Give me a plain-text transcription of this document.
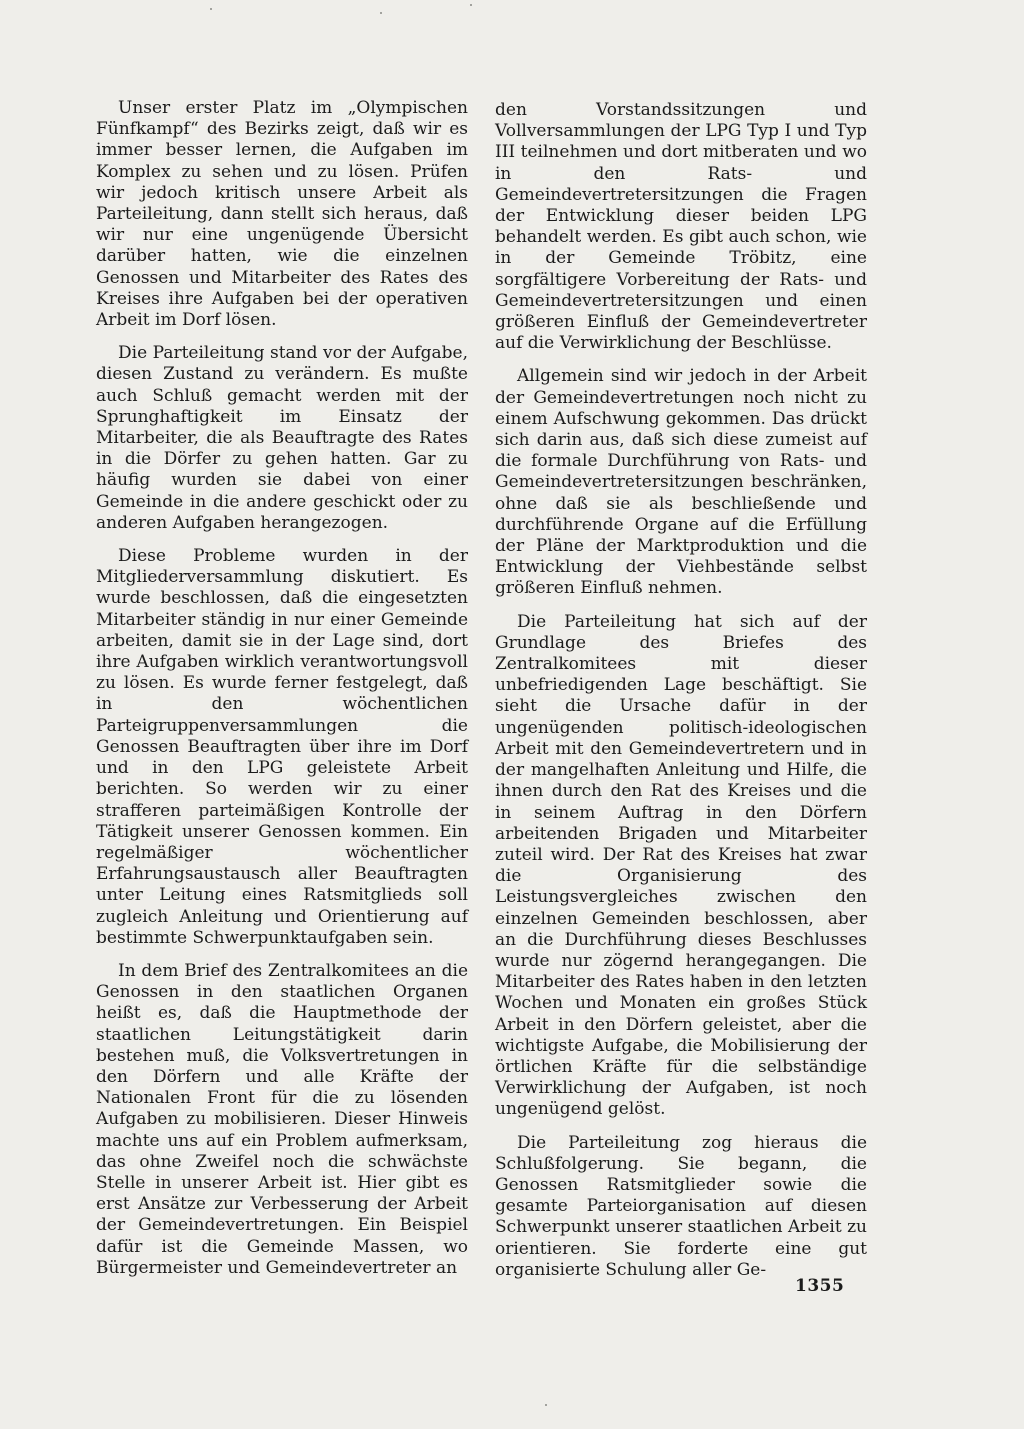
Unser erster Platz im „Olympischen Fünfkampf“ des Bezirks zeigt, daß wir es immer besser lernen, die Aufgaben im Komplex zu sehen und zu lösen. Prüfen wir jedoch kritisch unsere Arbeit als Parteileitung, dann stellt sich heraus, daß wir nur eine ungenügende Übersicht darüber hatten, wie die einzelnen Genossen und Mitarbeiter des Rates des Kreises ihre Aufgaben bei der operativen Arbeit im Dorf lösen.

Die Parteileitung stand vor der Aufgabe, diesen Zustand zu verändern. Es mußte auch Schluß gemacht werden mit der Sprunghaftigkeit im Einsatz der Mitarbeiter, die als Beauftragte des Rates in die Dörfer zu gehen hatten. Gar zu häufig wurden sie dabei von einer Gemeinde in die andere geschickt oder zu anderen Aufgaben herangezogen.

Diese Probleme wurden in der Mitgliederversammlung diskutiert. Es wurde beschlossen, daß die eingesetzten Mitarbeiter ständig in nur einer Gemeinde arbeiten, damit sie in der Lage sind, dort ihre Aufgaben wirklich verantwortungsvoll zu lösen. Es wurde ferner festgelegt, daß in den wöchentlichen Parteigruppenversammlungen die Genossen Beauftragten über ihre im Dorf und in den LPG geleistete Arbeit berichten. So werden wir zu einer strafferen parteimäßigen Kontrolle der Tätigkeit unserer Genossen kommen. Ein regelmäßiger wöchentlicher Erfahrungsaustausch aller Beauftragten unter Leitung eines Ratsmitglieds soll zugleich Anleitung und Orientierung auf bestimmte Schwerpunktaufgaben sein.

In dem Brief des Zentralkomitees an die Genossen in den staatlichen Organen heißt es, daß die Hauptmethode der staatlichen Leitungstätigkeit darin bestehen muß, die Volksvertretungen in den Dörfern und alle Kräfte der Nationalen Front für die zu lösenden Aufgaben zu mobilisieren. Dieser Hinweis machte uns auf ein Problem aufmerksam, das ohne Zweifel noch die schwächste Stelle in unserer Arbeit ist. Hier gibt es erst Ansätze zur Verbesserung der Arbeit der Gemeindevertretungen. Ein Beispiel dafür ist die Gemeinde Massen, wo Bürgermeister und Gemeindevertreter an

den Vorstandssitzungen und Vollversammlungen der LPG Typ I und Typ III teilnehmen und dort mitberaten und wo in den Rats- und Gemeindevertretersitzungen die Fragen der Entwicklung dieser beiden LPG behandelt werden. Es gibt auch schon, wie in der Gemeinde Tröbitz, eine sorgfältigere Vorbereitung der Rats- und Gemeindevertretersitzungen und einen größeren Einfluß der Gemeindevertreter auf die Verwirklichung der Beschlüsse.

Allgemein sind wir jedoch in der Arbeit der Gemeindevertretungen noch nicht zu einem Aufschwung gekommen. Das drückt sich darin aus, daß sich diese zumeist auf die formale Durchführung von Rats- und Gemeindevertretersitzungen beschränken, ohne daß sie als beschließende und durchführende Organe auf die Erfüllung der Pläne der Marktproduktion und die Entwicklung der Viehbestände selbst größeren Einfluß nehmen.

Die Parteileitung hat sich auf der Grundlage des Briefes des Zentralkomitees mit dieser unbefriedigenden Lage beschäftigt. Sie sieht die Ursache dafür in der ungenügenden politisch-ideologischen Arbeit mit den Gemeindevertretern und in der mangelhaften Anleitung und Hilfe, die ihnen durch den Rat des Kreises und die in seinem Auftrag in den Dörfern arbeitenden Brigaden und Mitarbeiter zuteil wird. Der Rat des Kreises hat zwar die Organisierung des Leistungsvergleiches zwischen den einzelnen Gemeinden beschlossen, aber an die Durchführung dieses Beschlusses wurde nur zögernd herangegangen. Die Mitarbeiter des Rates haben in den letzten Wochen und Monaten ein großes Stück Arbeit in den Dörfern geleistet, aber die wichtigste Aufgabe, die Mobilisierung der örtlichen Kräfte für die selbständige Verwirklichung der Aufgaben, ist noch ungenügend gelöst.

Die Parteileitung zog hieraus die Schlußfolgerung. Sie begann, die Genossen Ratsmitglieder sowie die gesamte Parteiorganisation auf diesen Schwerpunkt unserer staatlichen Arbeit zu orientieren. Sie forderte eine gut organisierte Schulung aller Ge-

1355
